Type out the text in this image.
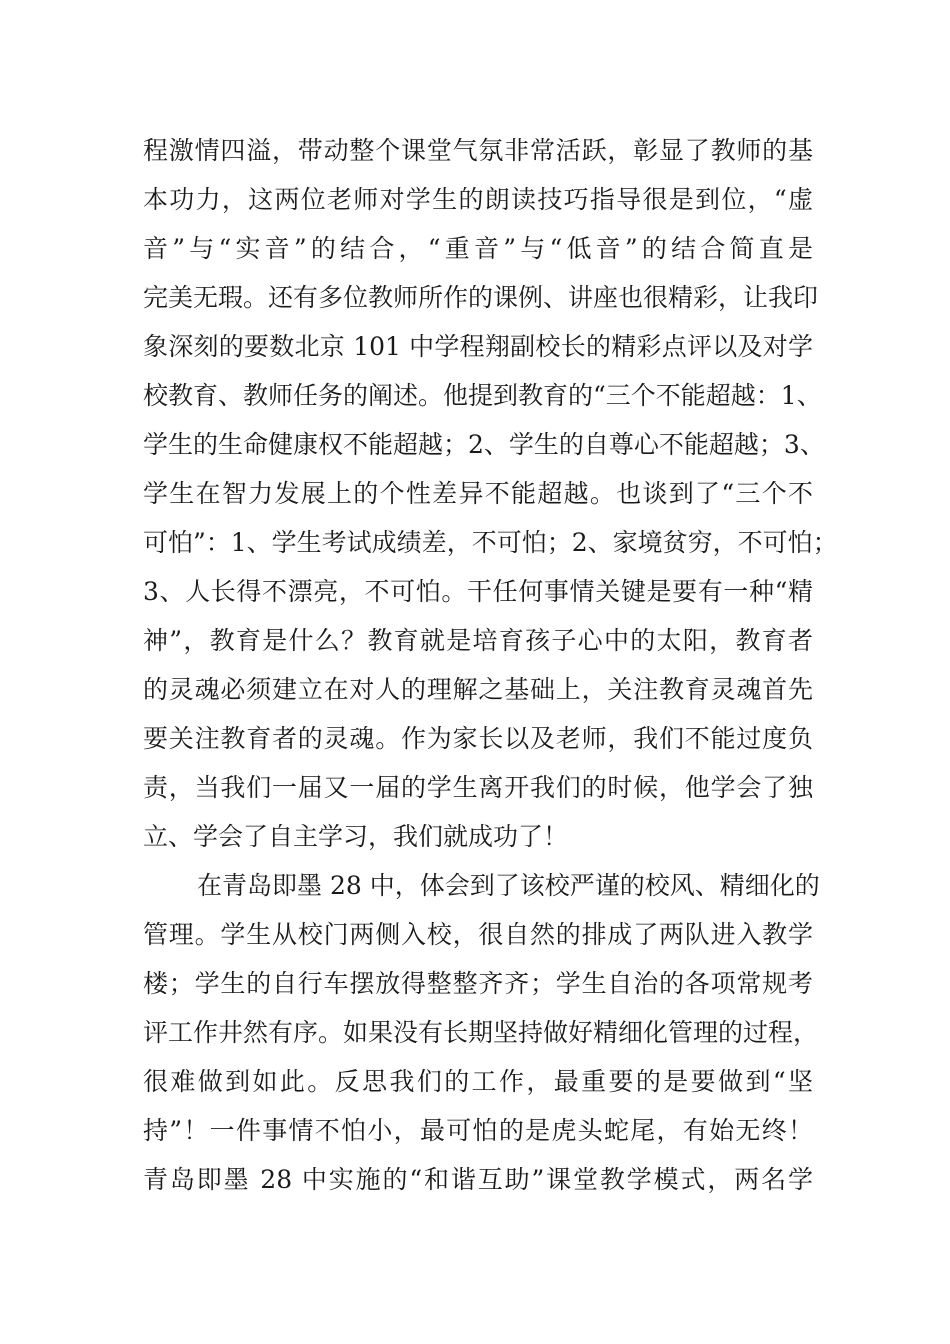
程激情四溢，带动整个课堂气氛非常活跃，彰显了教师的基
本功力，这两位老师对学生的朗读技巧指导很是到位，“虚
音”与“实音”的结合，“重音”与“低音”的结合简直是
完美无瑕。还有多位教师所作的课例、讲座也很精彩，让我印
象深刻的要数北京 101 中学程翔副校长的精彩点评以及对学
校教育、教师任务的阐述。他提到教育的“三个不能超越：1、
学生的生命健康权不能超越；2、学生的自尊心不能超越；3、
学生在智力发展上的个性差异不能超越。也谈到了“三个不
可怕”：1、学生考试成绩差，不可怕；2、家境贫穷，不可怕；
3、人长得不漂亮，不可怕。干任何事情关键是要有一种“精
神”，教育是什么？教育就是培育孩子心中的太阳，教育者
的灵魂必须建立在对人的理解之基础上，关注教育灵魂首先
要关注教育者的灵魂。作为家长以及老师，我们不能过度负
责，当我们一届又一届的学生离开我们的时候，他学会了独
立、学会了自主学习，我们就成功了！
在青岛即墨 28 中，体会到了该校严谨的校风、精细化的
管理。学生从校门两侧入校，很自然的排成了两队进入教学
楼；学生的自行车摆放得整整齐齐；学生自治的各项常规考
评工作井然有序。如果没有长期坚持做好精细化管理的过程，
很难做到如此。反思我们的工作，最重要的是要做到“坚
持”！一件事情不怕小，最可怕的是虎头蛇尾，有始无终！
青岛即墨 28 中实施的“和谐互助”课堂教学模式，两名学
